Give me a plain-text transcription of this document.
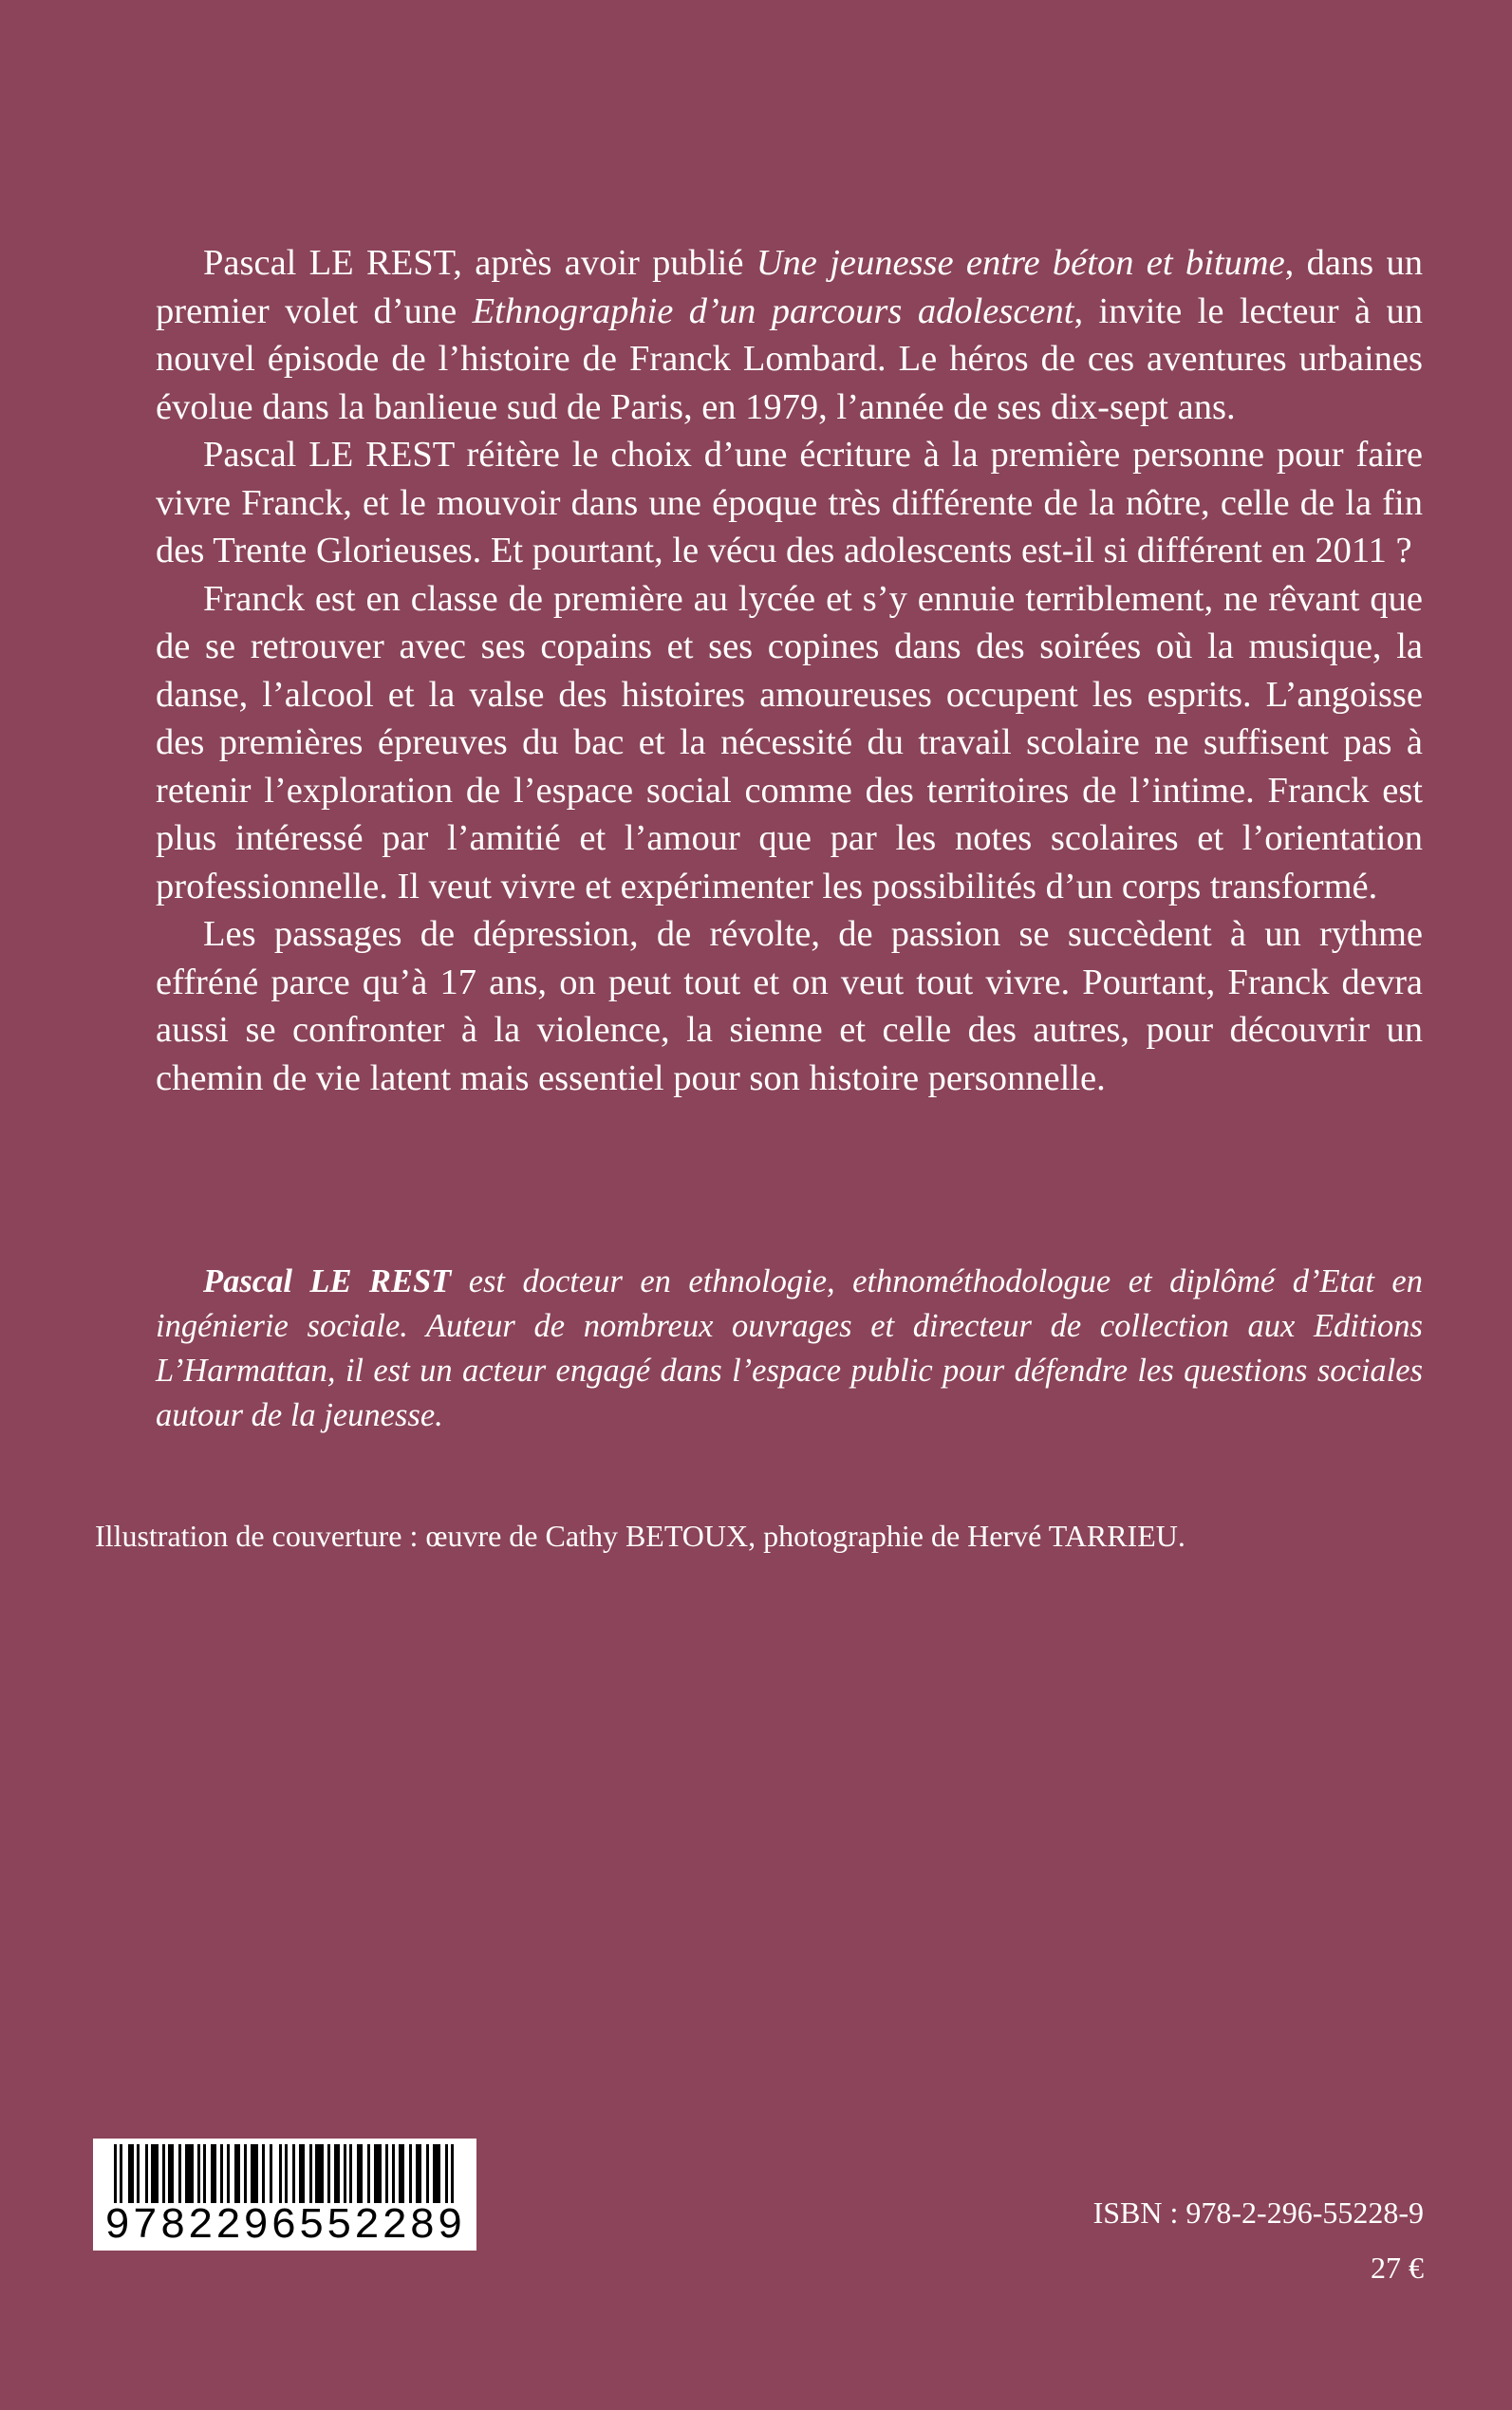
Pascal LE REST, après avoir publié Une jeunesse entre béton et bitume, dans un premier volet d’une Ethnographie d’un parcours adolescent, invite le lecteur à un nouvel épisode de l’histoire de Franck Lombard. Le héros de ces aventures urbaines évolue dans la banlieue sud de Paris, en 1979, l’année de ses dix-sept ans.

Pascal LE REST réitère le choix d’une écriture à la première personne pour faire vivre Franck, et le mouvoir dans une époque très différente de la nôtre, celle de la fin des Trente Glorieuses. Et pourtant, le vécu des adolescents est-il si différent en 2011 ?

Franck est en classe de première au lycée et s’y ennuie terriblement, ne rêvant que de se retrouver avec ses copains et ses copines dans des soirées où la musique, la danse, l’alcool et la valse des histoires amoureuses occupent les esprits. L’angoisse des premières épreuves du bac et la nécessité du travail scolaire ne suffisent pas à retenir l’exploration de l’espace social comme des territoires de l’intime. Franck est plus intéressé par l’amitié et l’amour que par les notes scolaires et l’orientation professionnelle. Il veut vivre et expérimenter les possibilités d’un corps transformé.

Les passages de dépression, de révolte, de passion se succèdent à un rythme effréné parce qu’à 17 ans, on peut tout et on veut tout vivre. Pourtant, Franck devra aussi se confronter à la violence, la sienne et celle des autres, pour découvrir un chemin de vie latent mais essentiel pour son histoire personnelle.

Pascal LE REST est docteur en ethnologie, ethnométhodologue et diplômé d’Etat en ingénierie sociale. Auteur de nombreux ouvrages et directeur de collection aux Editions L’Harmattan, il est un acteur engagé dans l’espace public pour défendre les questions sociales autour de la jeunesse.

Illustration de couverture : œuvre de Cathy BETOUX, photographie de Hervé TARRIEU.
9782296552289	ISBN : 978-2-296-55228-9
27 €
